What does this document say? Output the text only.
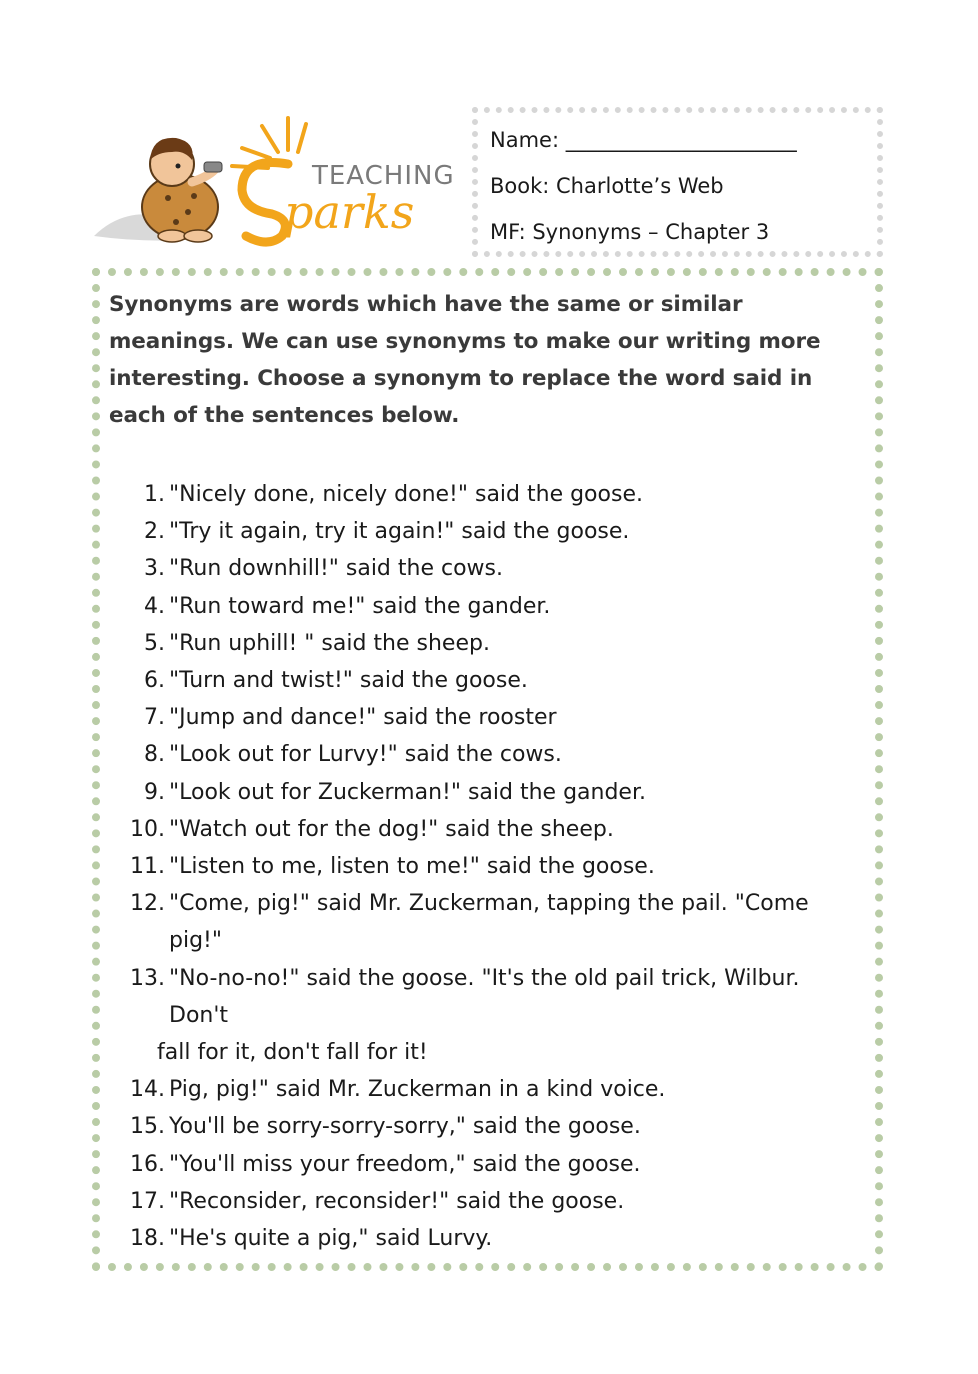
TEACHING
parks
Name: ______________________
Book: Charlotte’s Web
MF: Synonyms – Chapter 3
Synonyms are words which have the same or similar meanings. We can use synonyms to make our writing more interesting. Choose a synonym to replace the word said in each of the sentences below.
1. "Nicely done, nicely done!" said the goose.
2. "Try it again, try it again!" said the goose.
3. "Run downhill!" said the cows.
4. "Run toward me!" said the gander.
5. "Run uphill! " said the sheep.
6. "Turn and twist!" said the goose.
7. "Jump and dance!" said the rooster
8. "Look out for Lurvy!" said the cows.
9. "Look out for Zuckerman!" said the gander.
10. "Watch out for the dog!" said the sheep.
11. "Listen to me, listen to me!" said the goose.
12. "Come, pig!" said Mr. Zuckerman, tapping the pail. "Come pig!"
13. "No-no-no!" said the goose. "It's the old pail trick, Wilbur. Don't
fall for it, don't fall for it!
14. Pig, pig!" said Mr. Zuckerman in a kind voice.
15. You'll be sorry-sorry-sorry," said the goose.
16. "You'll miss your freedom," said the goose.
17. "Reconsider, reconsider!" said the goose.
18. "He's quite a pig," said Lurvy.
